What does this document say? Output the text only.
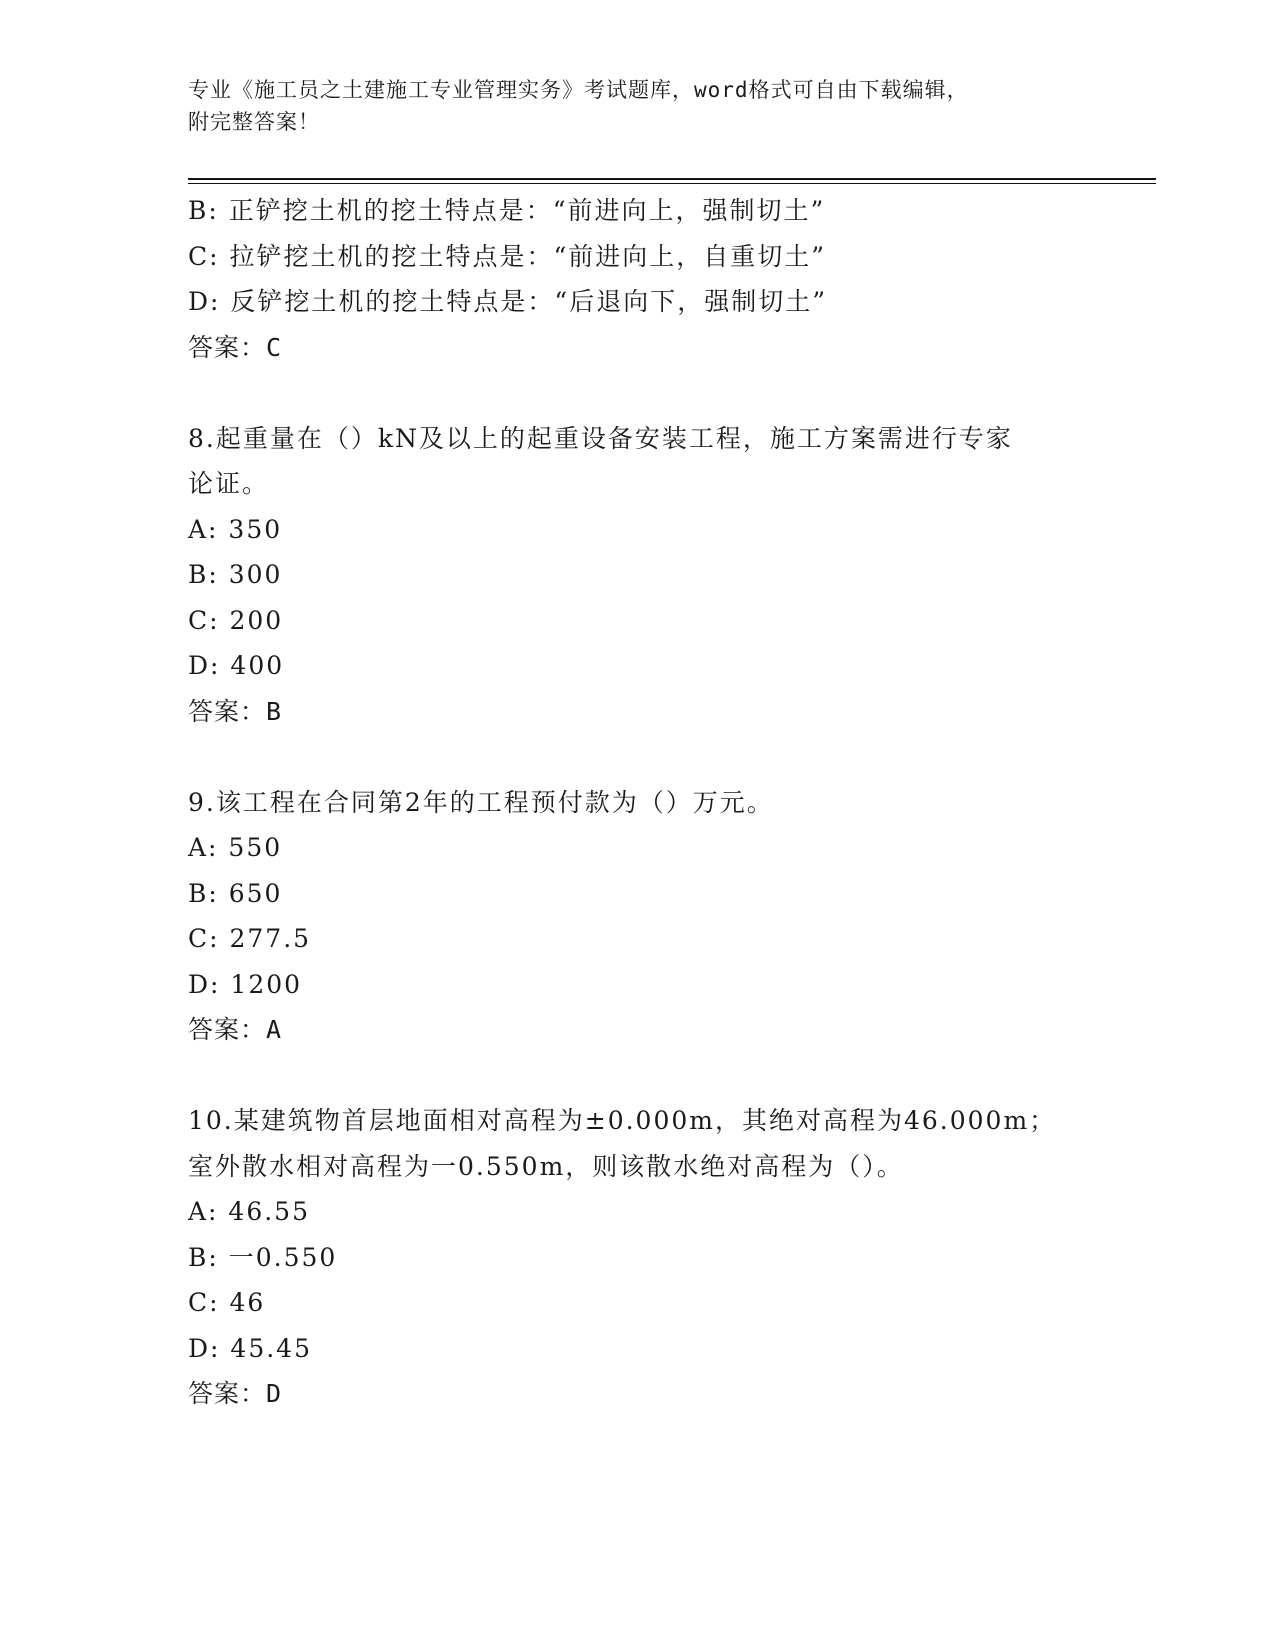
专业《施工员之土建施工专业管理实务》考试题库，word格式可自由下载编辑，
附完整答案！
B: 正铲挖土机的挖土特点是：“前进向上，强制切土”
C: 拉铲挖土机的挖土特点是：“前进向上，自重切土”
D: 反铲挖土机的挖土特点是：“后退向下，强制切土”
答案：C
8.起重量在（）kN及以上的起重设备安装工程，施工方案需进行专家
论证。
A: 350
B: 300
C: 200
D: 400
答案：B
9.该工程在合同第2年的工程预付款为（）万元。
A: 550
B: 650
C: 277.5
D: 1200
答案：A
10.某建筑物首层地面相对高程为±0.000m，其绝对高程为46.000m；
室外散水相对高程为一0.550m，则该散水绝对高程为（）。
A: 46.55
B: 一0.550
C: 46
D: 45.45
答案：D
